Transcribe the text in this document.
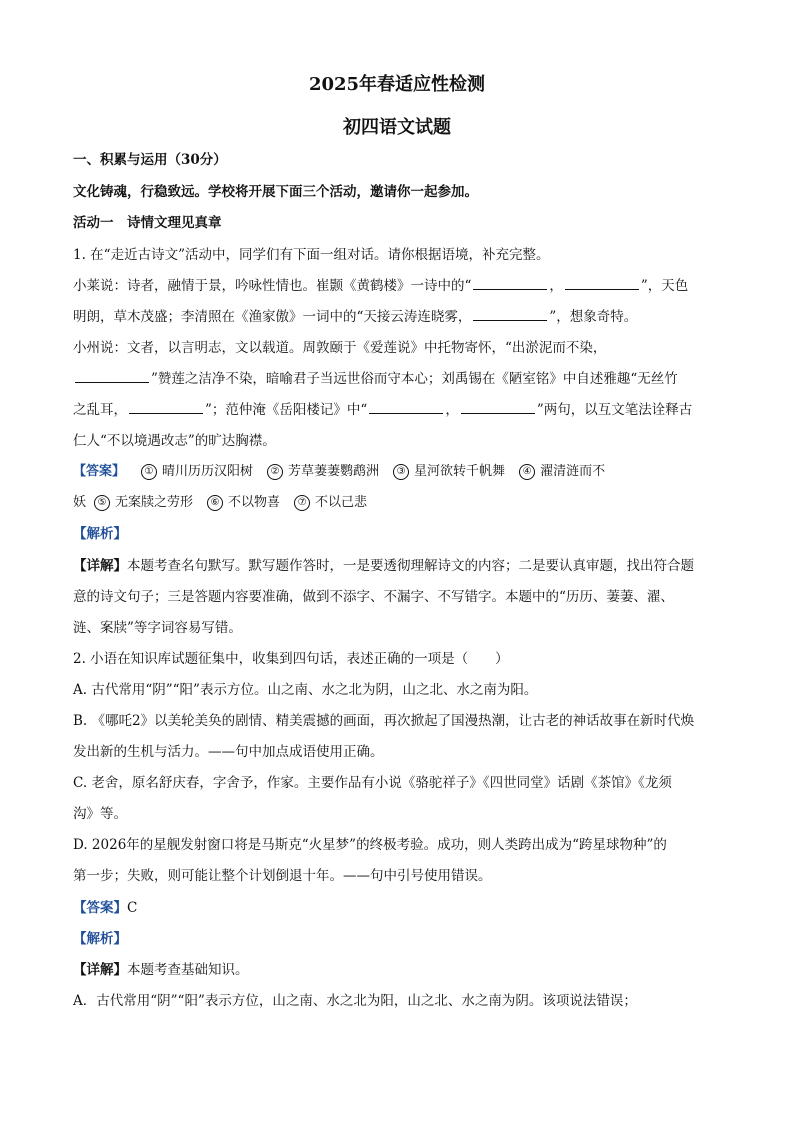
2025年春适应性检测
初四语文试题
一、积累与运用（30分）
文化铸魂，行稳致远。学校将开展下面三个活动，邀请你一起参加。
活动一　诗情文理见真章
1. 在“走近古诗文”活动中，同学们有下面一组对话。请你根据语境，补充完整。
小莱说：诗者，融情于景，吟咏性情也。崔颢《黄鹤楼》一诗中的“	，	”，天色
明朗，草木茂盛；李清照在《渔家傲》一词中的“天接云涛连晓雾，	”，想象奇特。
小州说：文者，以言明志，文以载道。周敦颐于《爱莲说》中托物寄怀，“出淤泥而不染，
”赞莲之洁净不染，暗喻君子当远世俗而守本心；刘禹锡在《陋室铭》中自述雅趣“无丝竹
之乱耳，	”；范仲淹《岳阳楼记》中“	，	”两句，以互文笔法诠释古
仁人“不以境遇改志”的旷达胸襟。
【答案】 ① 晴川历历汉阳树 ② 芳草萋萋鹦鹉洲 ③ 星河欲转千帆舞 ④ 濯清涟而不
妖 ⑤ 无案牍之劳形 ⑥ 不以物喜 ⑦ 不以己悲
【解析】
【详解】本题考查名句默写。默写题作答时，一是要透彻理解诗文的内容；二是要认真审题，找出符合题
意的诗文句子；三是答题内容要准确，做到不添字、不漏字、不写错字。本题中的“历历、萋萋、濯、
涟、案牍”等字词容易写错。
2. 小语在知识库试题征集中，收集到四句话，表述正确的一项是（　　）
A. 古代常用“阴”“阳”表示方位。山之南、水之北为阴，山之北、水之南为阳。
B. 《哪吒2》以美轮美奂的剧情、精美震撼的画面，再次掀起了国漫热潮，让古老的神话故事在新时代焕
发出新的生机与活力。——句中加点成语使用正确。
C. 老舍，原名舒庆春，字舍予，作家。主要作品有小说《骆驼祥子》《四世同堂》话剧《茶馆》《龙须
沟》等。
D. 2026年的星舰发射窗口将是马斯克“火星梦”的终极考验。成功，则人类跨出成为“跨星球物种”的
第一步；失败，则可能让整个计划倒退十年。——句中引号使用错误。
【答案】C
【解析】
【详解】本题考查基础知识。
A．古代常用“阴”“阳”表示方位，山之南、水之北为阳，山之北、水之南为阴。该项说法错误；
